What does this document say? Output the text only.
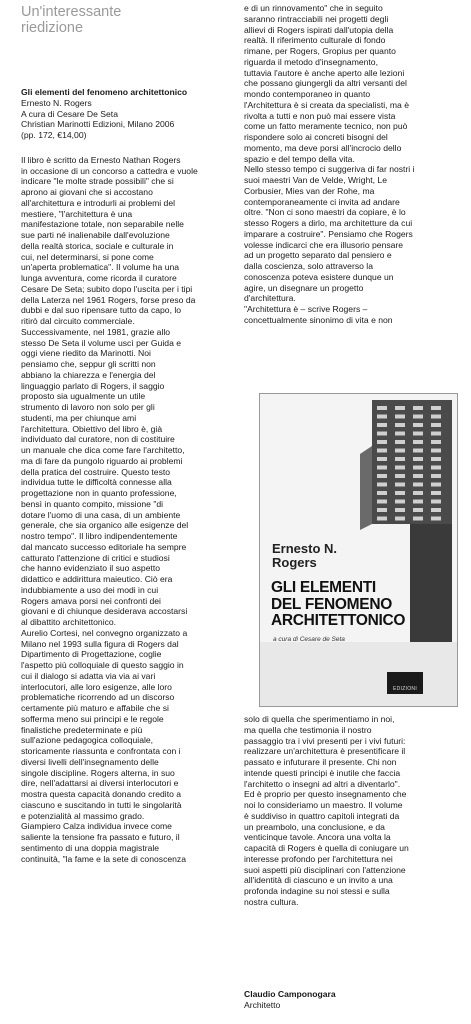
Un'interessante
riedizione
Gli elementi del fenomeno architettonico
Ernesto N. Rogers
A cura di Cesare De Seta
Christian Marinotti Edizioni, Milano 2006
(pp. 172, €14,00)
Il libro è scritto da Ernesto Nathan Rogers
in occasione di un concorso a cattedra e vuole
indicare "le molte strade possibili" che si
aprono ai giovani che si accostano
all'architettura e introdurli ai problemi del
mestiere, "l'architettura è una
manifestazione totale, non separabile nelle
sue parti né inalienabile dall'evoluzione
della realtà storica, sociale e culturale in
cui, nel determinarsi, si pone come
un'aperta problematica". Il volume ha una
lunga avventura, come ricorda il curatore
Cesare De Seta; subito dopo l'uscita per i tipi
della Laterza nel 1961 Rogers, forse preso da
dubbi e dal suo ripensare tutto da capo, lo
ritirò dal circuito commerciale.
Successivamente, nel 1981, grazie allo
stesso De Seta il volume uscì per Guida e
oggi viene riedito da Marinotti. Noi
pensiamo che, seppur gli scritti non
abbiano la chiarezza e l'energia del
linguaggio parlato di Rogers, il saggio
proposto sia ugualmente un utile
strumento di lavoro non solo per gli
studenti, ma per chiunque ami
l'architettura. Obiettivo del libro è, già
individuato dal curatore, non di costituire
un manuale che dica come fare l'architetto,
ma di fare da pungolo riguardo ai problemi
della pratica del costruire. Questo testo
individua tutte le difficoltà connesse alla
progettazione non in quanto professione,
bensì in quanto compito, missione "di
dotare l'uomo di una casa, di un ambiente
generale, che sia organico alle esigenze del
nostro tempo". Il libro indipendentemente
dal mancato successo editoriale ha sempre
catturato l'attenzione di critici e studiosi
che hanno evidenziato il suo aspetto
didattico e addirittura maieutico. Ciò era
indubbiamente a uso dei modi in cui
Rogers amava porsi nei confronti dei
giovani e di chiunque desiderava accostarsi
al dibattito architettonico.
Aurelio Cortesi, nel convegno organizzato a
Milano nel 1993 sulla figura di Rogers dal
Dipartimento di Progettazione, coglie
l'aspetto più colloquiale di questo saggio in
cui il dialogo si adatta via via ai vari
interlocutori, alle loro esigenze, alle loro
problematiche ricorrendo ad un discorso
certamente più maturo e affabile che si
sofferma meno sui principi e le regole
finalistiche predeterminate e più
sull'azione pedagogica colloquiale,
storicamente riassunta e confrontata con i
diversi livelli dell'insegnamento delle
singole discipline. Rogers alterna, in suo
dire, nell'adattarsi ai diversi interlocutori e
mostra questa capacità donando credito a
ciascuno e suscitando in tutti le singolarità
e potenzialità al massimo grado.
Giampiero Calza individua invece come
saliente la tensione fra passato e futuro, il
sentimento di una doppia magistrale
continuità, "la fame e la sete di conoscenza
e di un rinnovamento" che in seguito
saranno rintracciabili nei progetti degli
allievi di Rogers ispirati dall'utopia della
realtà. Il riferimento culturale di fondo
rimane, per Rogers, Gropius per quanto
riguarda il metodo d'insegnamento,
tuttavia l'autore è anche aperto alle lezioni
che possano giungergli da altri versanti del
mondo contemporaneo in quanto
l'Architettura è si creata da specialisti, ma è
rivolta a tutti e non può mai essere vista
come un fatto meramente tecnico, non può
rispondere solo ai concreti bisogni del
momento, ma deve porsi all'incrocio dello
spazio e del tempo della vita.
Nello stesso tempo ci suggeriva di far nostri i
suoi maestri Van de Velde, Wright, Le
Corbusier, Mies van der Rohe, ma
contemporaneamente ci invita ad andare
oltre. "Non ci sono maestri da copiare, è lo
stesso Rogers a dirlo, ma architetture da cui
imparare a costruire". Pensiamo che Rogers
volesse indicarci che era illusorio pensare
ad un progetto separato dal pensiero e
dalla coscienza, solo attraverso la
conoscenza poteva esistere dunque un
agire, un disegnare un progetto
d'architettura.
"Architettura è – scrive Rogers –
concettualmente sinonimo di vita e non
Ernesto N.
Rogers
GLI ELEMENTI
DEL FENOMENO
ARCHITETTONICO
a cura di Cesare de Seta
EDIZIONI
solo di quella che sperimentiamo in noi,
ma quella che testimonia il nostro
passaggio tra i vivi presenti per i vivi futuri:
realizzare un'architettura è presentificare il
passato e infuturare il presente. Chi non
intende questi principi è inutile che faccia
l'architetto o insegni ad altri a diventarlo".
Ed è proprio per questo insegnamento che
noi lo consideriamo un maestro. Il volume
è suddiviso in quattro capitoli integrati da
un preambolo, una conclusione, e da
venticinque tavole. Ancora una volta la
capacità di Rogers è quella di coniugare un
interesse profondo per l'architettura nei
suoi aspetti più disciplinari con l'attenzione
all'identità di ciascuno e un invito a una
profonda indagine su noi stessi e sulla
nostra cultura.
Claudio Camponogara
Architetto
